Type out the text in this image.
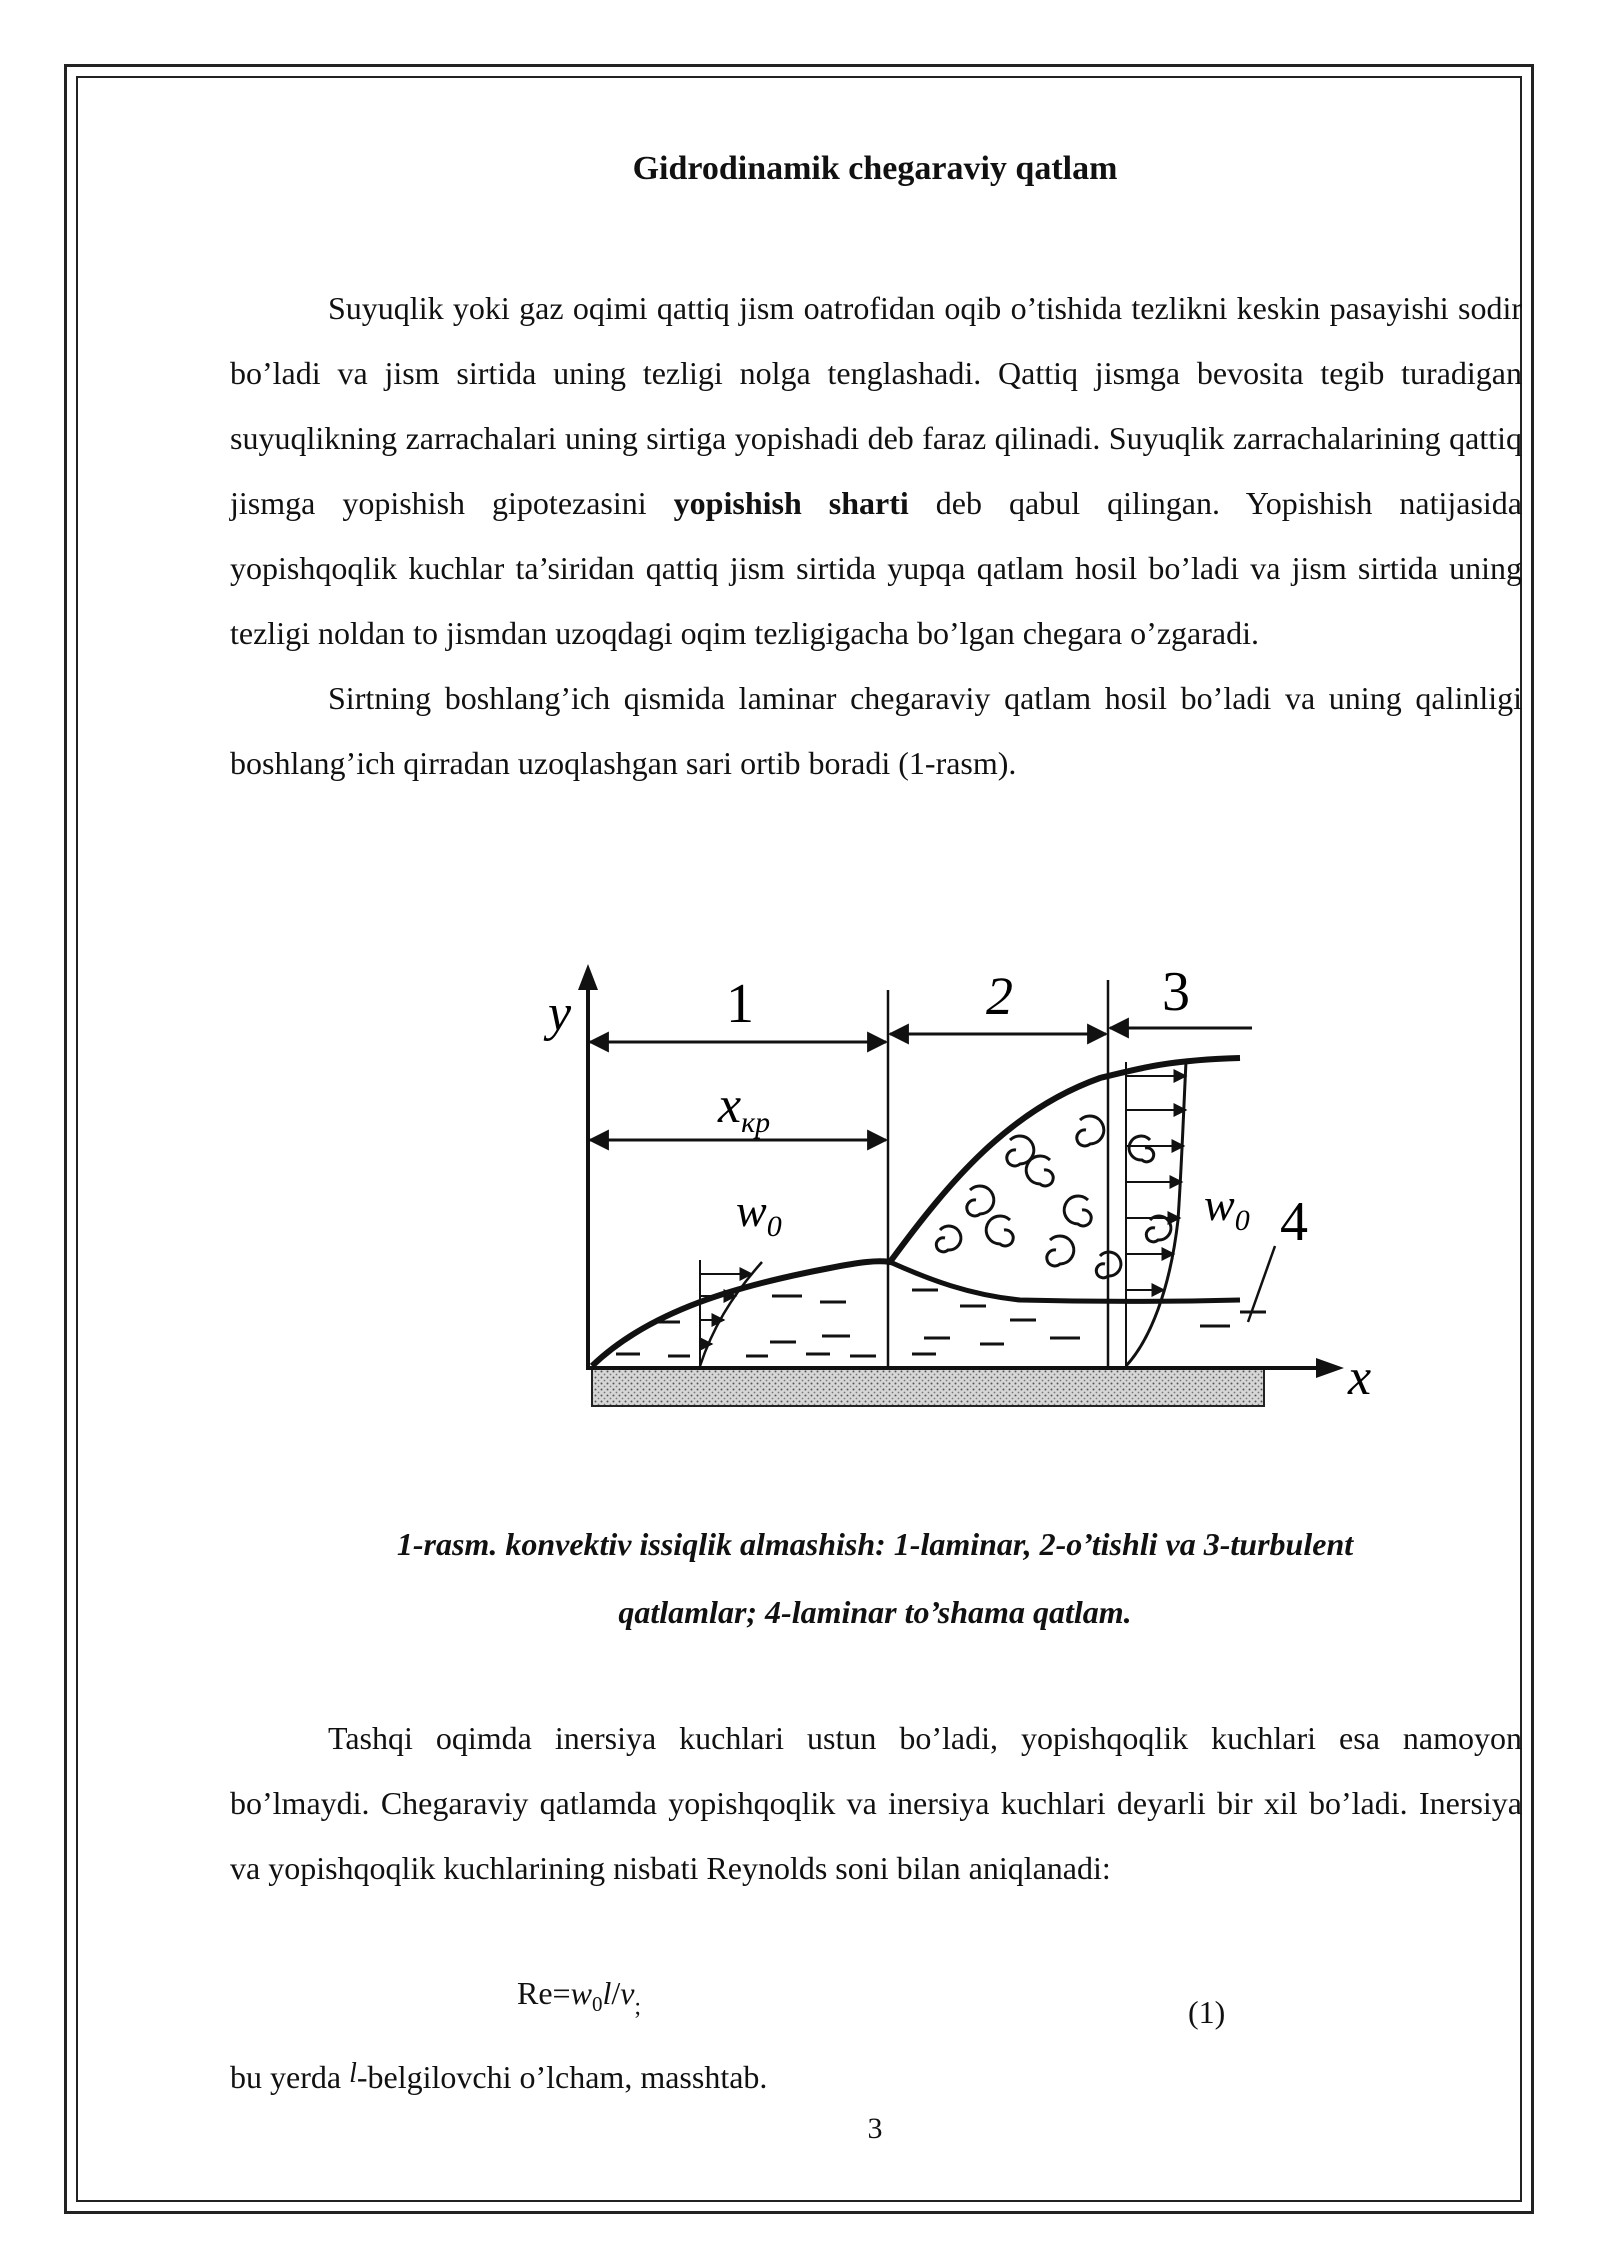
Gidrodinamik chegaraviy qatlam

Suyuqlik yoki gaz oqimi qattiq jism oatrofidan oqib o’tishida tezlikni keskin pasayishi sodir bo’ladi va jism sirtida uning tezligi nolga tenglashadi. Qattiq jismga bevosita tegib turadigan suyuqlikning zarrachalari uning sirtiga yopishadi deb faraz qilinadi. Suyuqlik zarrachalarining qattiq jismga yopishish gipotezasini yopishish sharti deb qabul qilingan. Yopishish natijasida yopishqoqlik kuchlar ta’siridan qattiq jism sirtida yupqa qatlam hosil bo’ladi va jism sirtida uning tezligi noldan to jismdan uzoqdagi oqim tezligigacha bo’lgan chegara o’zgaradi.

Sirtning boshlang’ich qismida laminar chegaraviy qatlam hosil bo’ladi va uning qalinligi boshlang’ich qirradan uzoqlashgan sari ortib boradi (1-rasm).

y
x
1	2	3
4
xкр
$w_0$	$w_0$
1-rasm. konvektiv issiqlik almashish: 1-laminar, 2-o’tishli va 3-turbulent
qatlamlar; 4-laminar to’shama qatlam.

Tashqi oqimda inersiya kuchlari ustun bo’ladi, yopishqoqlik kuchlari esa namoyon bo’lmaydi. Chegaraviy qatlamda yopishqoqlik va inersiya kuchlari deyarli bir xil bo’ladi. Inersiya va yopishqoqlik kuchlarining nisbati Reynolds soni bilan aniqlanadi:

$Re=w_0l/\nu_;$	(1)
bu yerda l-belgilovchi o’lcham, masshtab.
3
